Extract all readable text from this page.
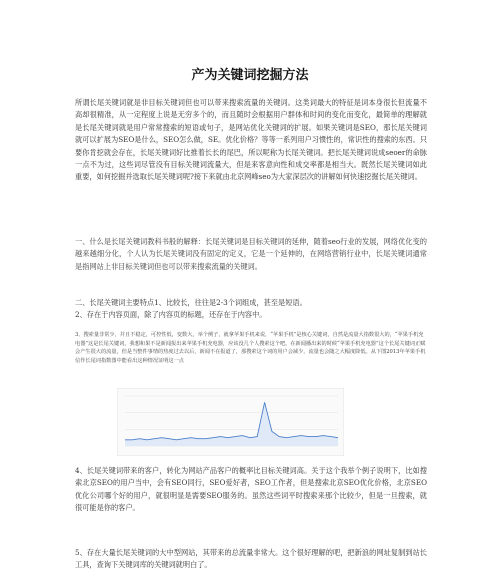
产为关键词挖掘方法

所谓长尾关键词就是非目标关键词但也可以带来搜索流量的关键词。这类词最大的特征是词本身很长但流量不高却很精准，从一定程度上说是无穷多个的，而且随时会根据用户群体和时间的变化而变化，最简单的理解就是长尾关键词就是用户常常搜索的短语或句子，是网站优化关键词的扩展。如果关键词是SEO，那长尾关键词就可以扩展为SEO是什么，SEO怎么做，SE。优化价格？等等一系列用户习惯性的，常识性的搜索的东西。只要你肯挖就会存在，长尾关键词好比推着长长的尾巴，所以呢称为长尾关键词。把长尾关键词说成seoer的命脉一点不为过，这些词尽管没有目标关键词流量大，但是来客意向性和成交率都是相当大。既然长尾关键词如此重要，如何挖掘并选取长尾关键词呢?接下来就由北京网峰seo为大家深层次的讲解如何快速挖掘长尾关键词。

一、什么是长尾关键词教科书般的解释：长尾关键词是目标关键词的延伸，随着seo行业的发展，网络优化变的越来越细分化，个人认为长尾关键词没有固定的定义，它是一个延伸的，在网络营销行业中，长尾关键词通常是指网站上非目标关键词但也可以带来搜索流量的关键词。

二、长尾关键词主要特点1、比较长，往往是2-3个词组成，甚至是短语。
2、存在于内容页面，除了内容页的标题，还存在于内容中。

3、搜索量非常少，并且不稳定，可控性低，变数大，举个例子，就拿苹果手机来说，“苹果手机”是核心关键词，自然是流量大指数很大的，“苹果手机充电器”这是长尾关键词。我想和果不是新闻报出来苹果手机充电器，应该没几个人搜索这个吧。在新闻播出来的时候“苹果手机充电器”这个长尾关键词正赋会产生很大的流量，但是当整件事情的热度过去以后，新闻不在报道了，那搜索这个词的用户会减少，流量也会随之大幅度降低。从下图2013年苹果手机信作长尾词指数图中能看出这种情况证明这一点

4、长尾关键词带来的客户，转化为网站产品客户的概率比目标关键词高。关于这个我举个例子说明下，比如搜索北京SEO的用户当中，会有SEO同行，SEO爱好者，SEO工作者，但是搜索北京SEO优化价格，北京SEO优化公司哪个好的用户，就很明显是需要SEO服务的。虽然这些词平时搜索来那个比较少，但是一旦搜索，就很可能是你的客户。

5、存在大量长尾关键词的大中型网站，其带来的总流量非常大。这个很好理解的吧，把新浪的网址复制到站长工具，查询下关键词库的关键词就明白了。
